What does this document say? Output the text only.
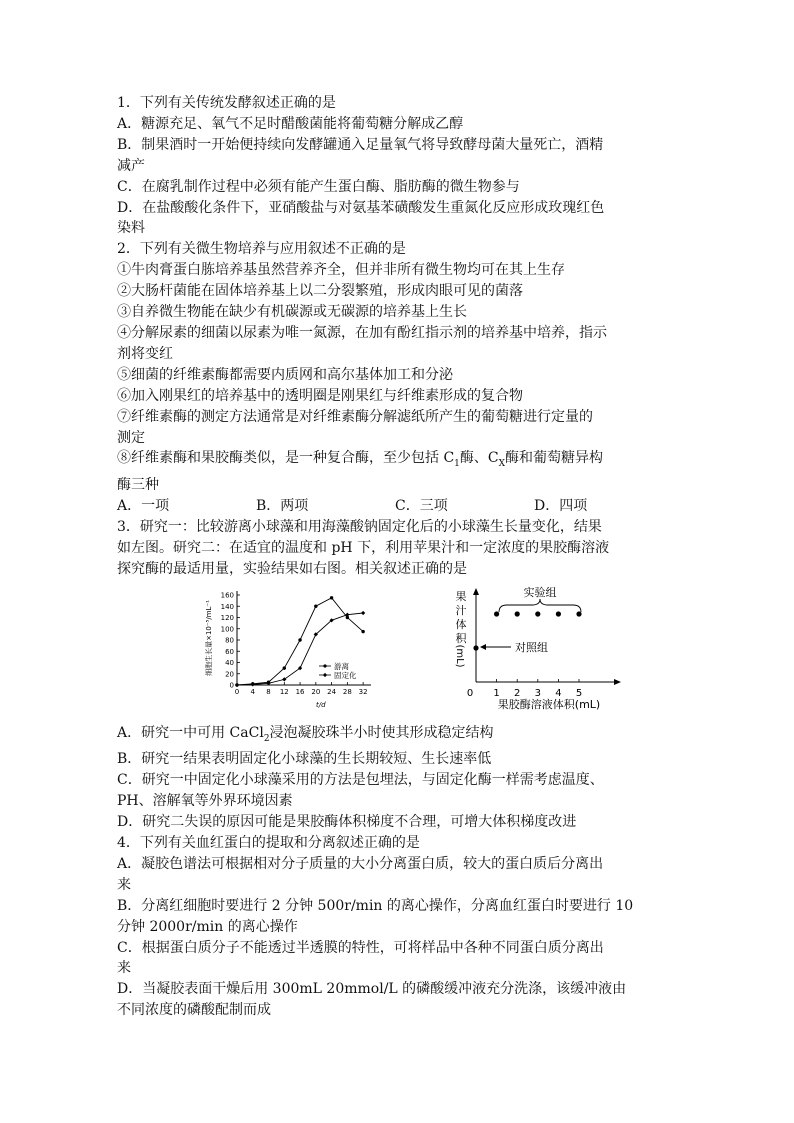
1．下列有关传统发酵叙述正确的是
A．糖源充足、氧气不足时醋酸菌能将葡萄糖分解成乙醇
B．制果酒时一开始便持续向发酵罐通入足量氧气将导致酵母菌大量死亡，酒精
减产
C．在腐乳制作过程中必须有能产生蛋白酶、脂肪酶的微生物参与
D．在盐酸酸化条件下，亚硝酸盐与对氨基苯磺酸发生重氮化反应形成玫瑰红色
染料
2．下列有关微生物培养与应用叙述不正确的是
①牛肉膏蛋白胨培养基虽然营养齐全，但并非所有微生物均可在其上生存
②大肠杆菌能在固体培养基上以二分裂繁殖，形成肉眼可见的菌落
③自养微生物能在缺少有机碳源或无碳源的培养基上生长
④分解尿素的细菌以尿素为唯一氮源，在加有酚红指示剂的培养基中培养，指示
剂将变红
⑤细菌的纤维素酶都需要内质网和高尔基体加工和分泌
⑥加入刚果红的培养基中的透明圈是刚果红与纤维素形成的复合物
⑦纤维素酶的测定方法通常是对纤维素酶分解滤纸所产生的葡萄糖进行定量的
测定
⑧纤维素酶和果胶酶类似，是一种复合酶，至少包括 $C_1$酶、$C_X$酶和葡萄糖异构
酶三种
A．一项	B．两项	C．三项	D．四项
3．研究一：比较游离小球藻和用海藻酸钠固定化后的小球藻生长量变化，结果
如左图。研究二：在适宜的温度和 pH 下，利用苹果汁和一定浓度的果胶酶溶液
探究酶的最适用量，实验结果如右图。相关叙述正确的是
细胞生长量×10⁻⁵/mL⁻¹
0
20
40
60
80
100
120
140
160
0 4 8 12 16 20 24 28 32
t/d
游离
固定化
果
汁
体
积
(mL)
0 1 2 3 4 5
实验组
对照组
果胶酶溶液体积(mL)
A．研究一中可用 CaCl$_2$浸泡凝胶珠半小时使其形成稳定结构
B．研究一结果表明固定化小球藻的生长期较短、生长速率低
C．研究一中固定化小球藻采用的方法是包埋法，与固定化酶一样需考虑温度、
PH、溶解氧等外界环境因素
D．研究二失误的原因可能是果胶酶体积梯度不合理，可增大体积梯度改进
4．下列有关血红蛋白的提取和分离叙述正确的是
A．凝胶色谱法可根据相对分子质量的大小分离蛋白质，较大的蛋白质后分离出
来
B．分离红细胞时要进行 2 分钟 500r/min 的离心操作，分离血红蛋白时要进行 10
分钟 2000r/min 的离心操作
C．根据蛋白质分子不能透过半透膜的特性，可将样品中各种不同蛋白质分离出
来
D．当凝胶表面干燥后用 300mL 20mmol/L 的磷酸缓冲液充分洗涤，该缓冲液由
不同浓度的磷酸配制而成
